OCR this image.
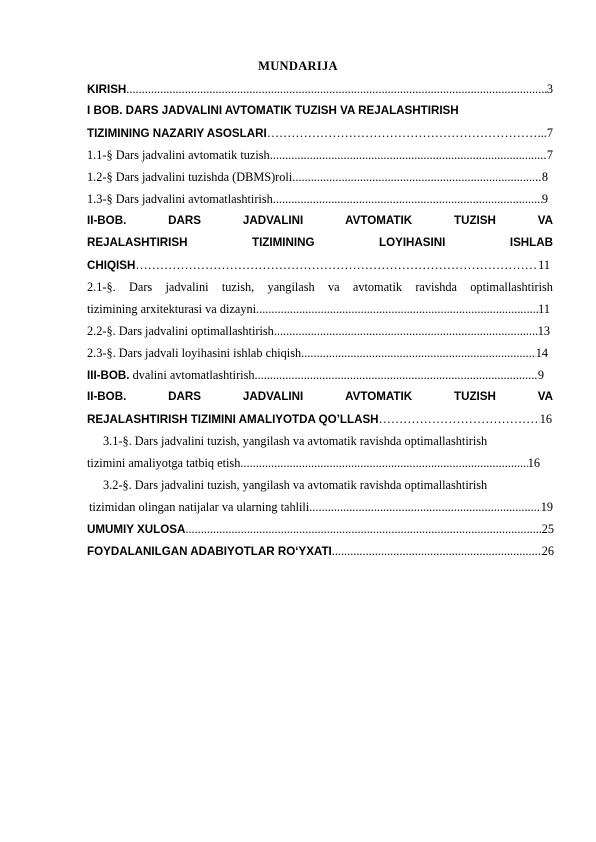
MUNDARIJA
KIRISH .....	3
I BOB. DARS JADVALINI AVTOMATIK TUZISH VA REJALASHTIRISH
TIZIMINING NAZARIY ASOSLARI ……………………………………………………………………………………………………………………………………………………	..7
1.1-§ Dars jadvalini avtomatik tuzish .....	7
1.2-§ Dars jadvalini tuzishda (DBMS)roli .....	8
1.3-§ Dars jadvalini avtomatlashtirish .....	9
II-BOB.	DARS	JADVALINI	AVTOMATIK	TUZISH	VA
REJALASHTIRISH	TIZIMINING	LOYIHASINI	ISHLAB
CHIQISH ……………………………………………………………………………………………………………………………………………………	11
2.1-§. Dars jadvalini tuzish, yangilash va avtomatik ravishda optimallashtirish
tizimining arxitekturasi va dizayni .....	11
2.2-§. Dars jadvalini optimallashtirish .....	13
2.3-§. Dars jadvali loyihasini ishlab chiqish .....	14
III-BOB. dvalini avtomatlashtirish .....	9
II-BOB.	DARS	JADVALINI	AVTOMATIK	TUZISH	VA
REJALASHTIRISH TIZIMINI AMALIYOTDA QO’LLASH ……………………………………………………………………………………………………………………………………………………	16
3.1-§. Dars jadvalini tuzish, yangilash va avtomatik ravishda optimallashtirish
tizimini amaliyotga tatbiq etish .....	16
3.2-§. Dars jadvalini tuzish, yangilash va avtomatik ravishda optimallashtirish
tizimidan olingan natijalar va ularning tahlili .....	19
UMUMIY XULOSA .....	25
FOYDALANILGAN ADABIYOTLAR RO‘YXATI .....	26
